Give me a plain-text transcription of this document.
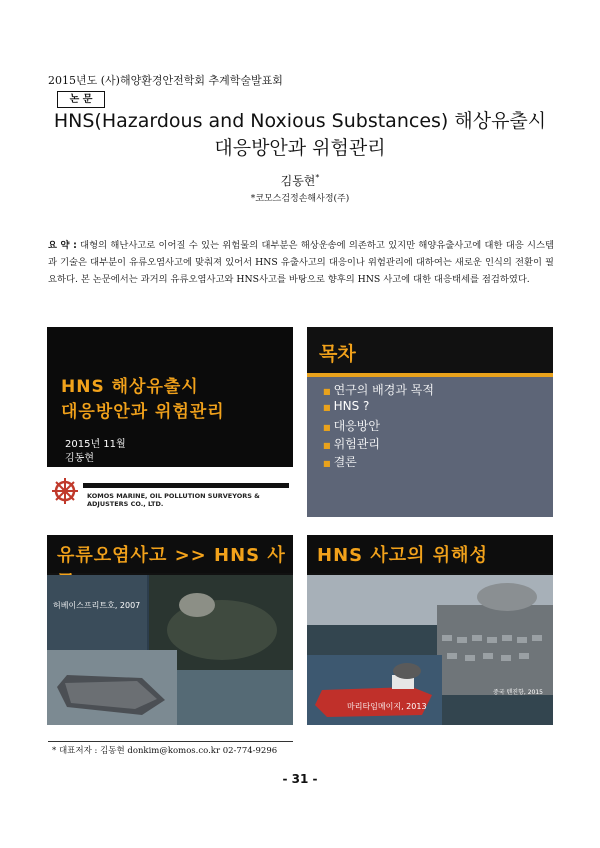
2015년도 (사)해양환경안전학회 추계학술발표회
논 문
HNS(Hazardous and Noxious Substances) 해상유출시
대응방안과 위험관리
김동현*
*코모스검정손해사정(주)
요 약 : 대형의 해난사고로 이어질 수 있는 위험물의 대부분은 해상운송에 의존하고 있지만 해양유출사고에 대한 대응 시스템과 기술은 대부분이 유류오염사고에 맞춰져 있어서 HNS 유출사고의 대응이나 위험관리에 대하여는 새로운 인식의 전환이 필요하다. 본 논문에서는 과거의 유류오염사고와 HNS사고를 바탕으로 향후의 HNS 사고에 대한 대응태세를 점검하였다.
HNS 해상유출시
대응방안과 위험관리
2015년 11월
김동현
KOMOS MARINE, OIL POLLUTION SURVEYORS & ADJUSTERS CO., LTD.
목차
■ 연구의 배경과 목적
■ HNS ?
■ 대응방안
■ 위험관리
■ 결론
유류오염사고 >> HNS 사
허베이스프리트호, 2007
HNS 사고의 위해성
마리타임메이지, 2013
중국 텐진항, 2015
* 대표저자 : 김동현 donkim@komos.co.kr 02-774-9296
- 31 -
